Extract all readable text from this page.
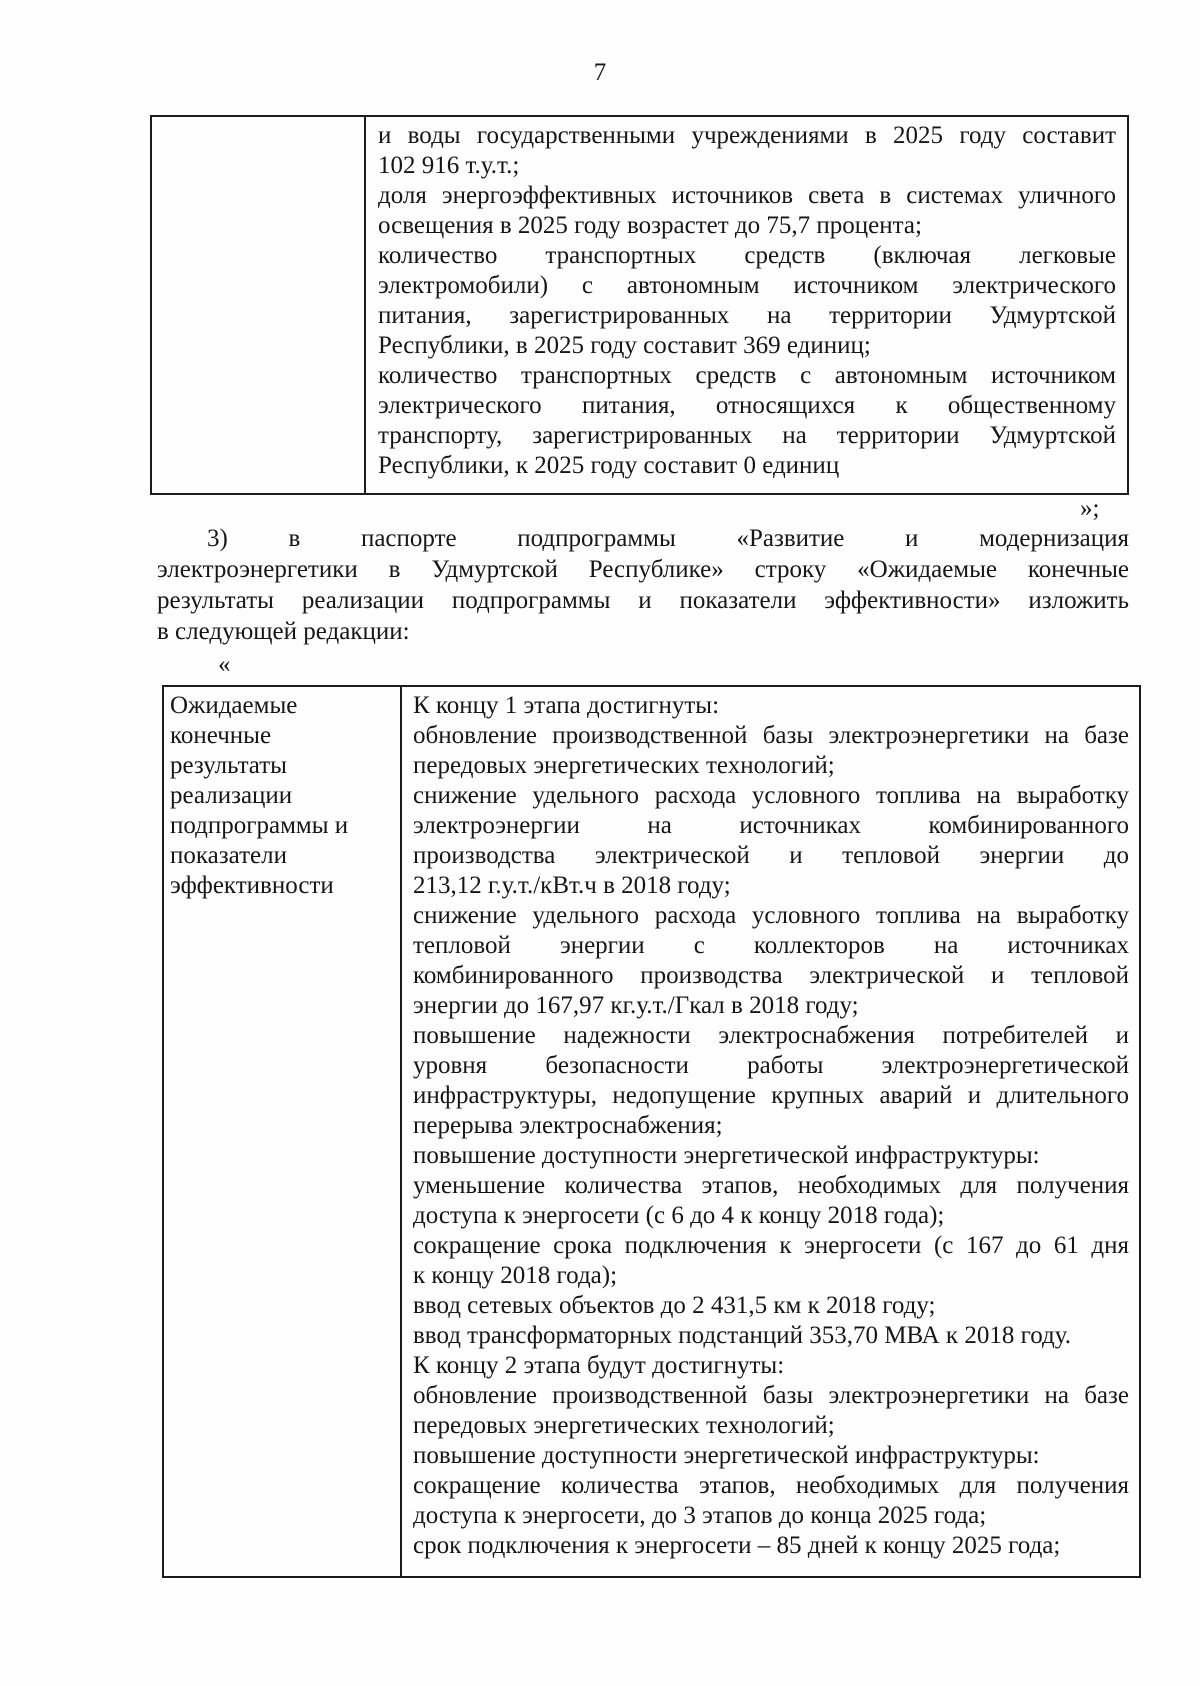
7
и воды государственными учреждениями в 2025 году составит
102 916 т.у.т.;
доля энергоэффективных источников света в системах уличного
освещения в 2025 году возрастет до 75,7 процента;
количество транспортных средств (включая легковые
электромобили) с автономным источником электрического
питания, зарегистрированных на территории Удмуртской
Республики, в 2025 году составит 369 единиц;
количество транспортных средств с автономным источником
электрического питания, относящихся к общественному
транспорту, зарегистрированных на территории Удмуртской
Республики, к 2025 году составит 0 единиц
»;
3) в паспорте подпрограммы «Развитие и модернизация
электроэнергетики в Удмуртской Республике» строку «Ожидаемые конечные
результаты реализации подпрограммы и показатели эффективности» изложить
в следующей редакции:
«
Ожидаемые
конечные
результаты
реализации
подпрограммы и
показатели
эффективности
К концу 1 этапа достигнуты:
обновление производственной базы электроэнергетики на базе
передовых энергетических технологий;
снижение удельного расхода условного топлива на выработку
электроэнергии на источниках комбинированного
производства электрической и тепловой энергии до
213,12 г.у.т./кВт.ч в 2018 году;
снижение удельного расхода условного топлива на выработку
тепловой энергии с коллекторов на источниках
комбинированного производства электрической и тепловой
энергии до 167,97 кг.у.т./Гкал в 2018 году;
повышение надежности электроснабжения потребителей и
уровня безопасности работы электроэнергетической
инфраструктуры, недопущение крупных аварий и длительного
перерыва электроснабжения;
повышение доступности энергетической инфраструктуры:
уменьшение количества этапов, необходимых для получения
доступа к энергосети (с 6 до 4 к концу 2018 года);
сокращение срока подключения к энергосети (с 167 до 61 дня
к концу 2018 года);
ввод сетевых объектов до 2 431,5 км к 2018 году;
ввод трансформаторных подстанций 353,70 МВА к 2018 году.
К концу 2 этапа будут достигнуты:
обновление производственной базы электроэнергетики на базе
передовых энергетических технологий;
повышение доступности энергетической инфраструктуры:
сокращение количества этапов, необходимых для получения
доступа к энергосети, до 3 этапов до конца 2025 года;
срок подключения к энергосети – 85 дней к концу 2025 года;
